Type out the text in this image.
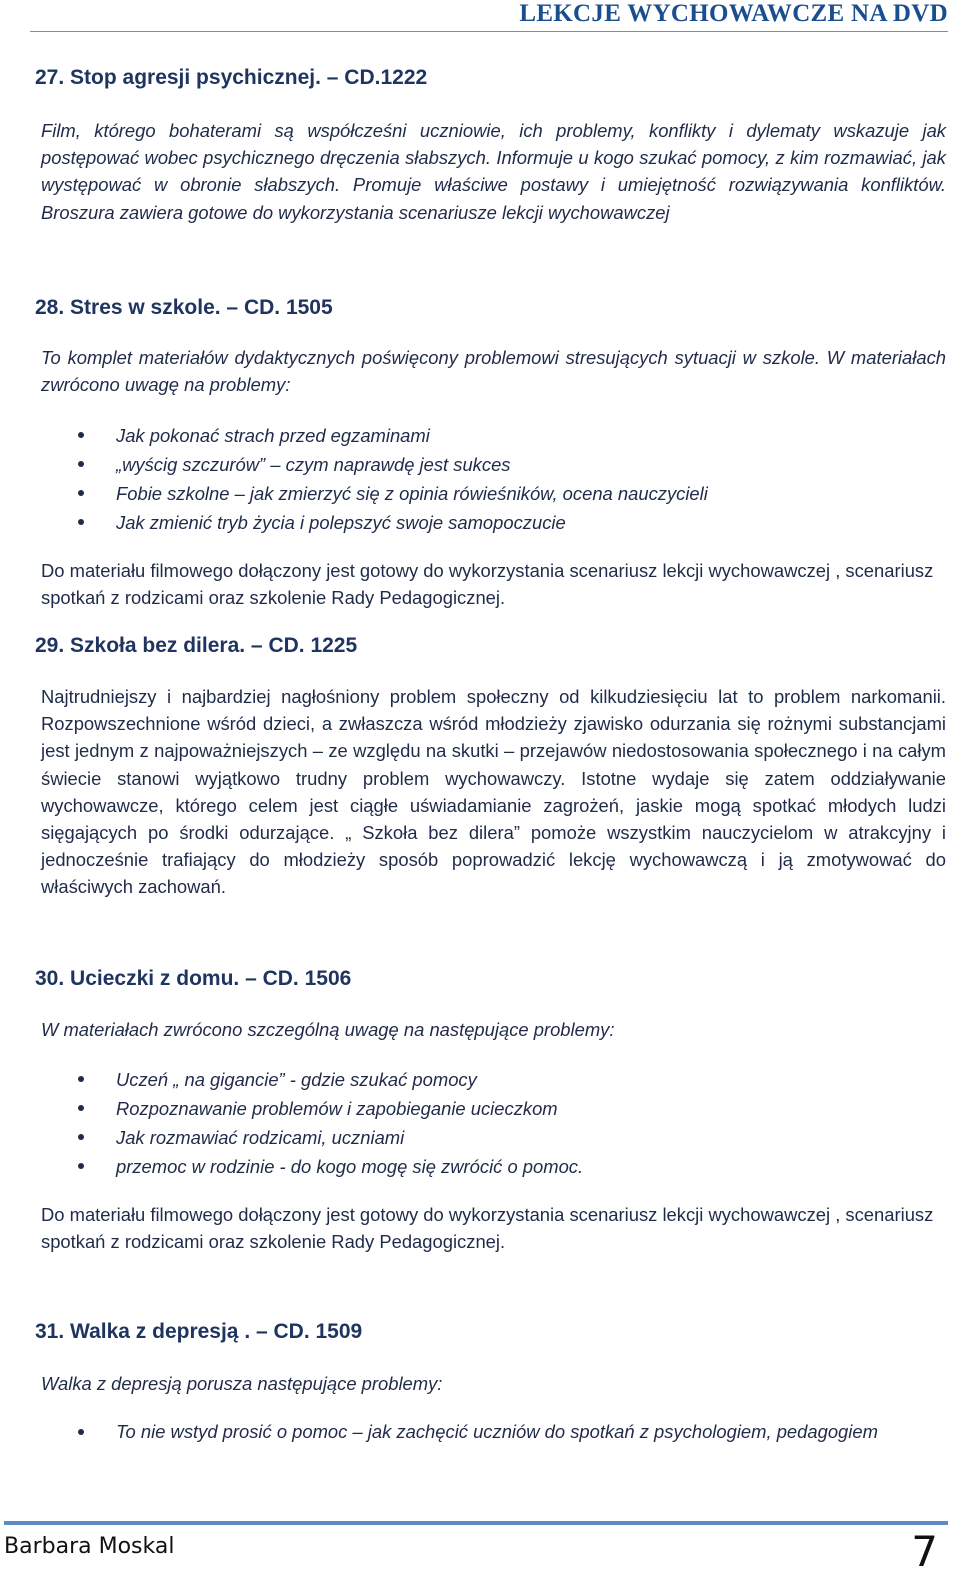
LEKCJE WYCHOWAWCZE NA DVD
27. Stop agresji psychicznej. – CD.1222
Film, którego bohaterami są współcześni uczniowie, ich problemy, konflikty i dylematy wskazuje jak postępować wobec psychicznego dręczenia słabszych. Informuje u kogo szukać pomocy, z kim rozmawiać, jak występować w obronie słabszych. Promuje właściwe postawy i umiejętność rozwiązywania konfliktów. Broszura zawiera gotowe do wykorzystania scenariusze lekcji wychowawczej
28. Stres w szkole. – CD. 1505
To komplet materiałów dydaktycznych poświęcony problemowi stresujących sytuacji w szkole. W materiałach zwrócono uwagę na problemy:
Jak pokonać strach przed egzaminami
„wyścig szczurów” – czym naprawdę jest sukces
Fobie szkolne – jak zmierzyć się z opinia rówieśników, ocena nauczycieli
Jak zmienić tryb życia i polepszyć swoje samopoczucie
Do materiału filmowego dołączony jest gotowy do wykorzystania scenariusz lekcji wychowawczej , scenariusz spotkań z rodzicami oraz szkolenie Rady Pedagogicznej.
29. Szkoła bez dilera. – CD. 1225
Najtrudniejszy i najbardziej nagłośniony problem społeczny od kilkudziesięciu lat to problem narkomanii. Rozpowszechnione wśród dzieci, a zwłaszcza wśród młodzieży zjawisko odurzania się rożnymi substancjami jest jednym z najpoważniejszych – ze względu na skutki – przejawów niedostosowania społecznego i na całym świecie stanowi wyjątkowo trudny problem wychowawczy. Istotne wydaje się zatem oddziaływanie wychowawcze, którego celem jest ciągłe uświadamianie zagrożeń, jaskie mogą spotkać młodych ludzi sięgających po środki odurzające. „ Szkoła bez dilera” pomoże wszystkim nauczycielom w atrakcyjny i jednocześnie trafiający do młodzieży sposób poprowadzić lekcję wychowawczą i ją zmotywować do właściwych zachowań.
30. Ucieczki z domu. – CD. 1506
W materiałach zwrócono szczególną uwagę na następujące problemy:
Uczeń „ na gigancie” - gdzie szukać pomocy
Rozpoznawanie problemów i zapobieganie ucieczkom
Jak rozmawiać rodzicami, uczniami
przemoc w rodzinie - do kogo mogę się zwrócić o pomoc.
Do materiału filmowego dołączony jest gotowy do wykorzystania scenariusz lekcji wychowawczej , scenariusz spotkań z rodzicami oraz szkolenie Rady Pedagogicznej.
31. Walka z depresją . – CD. 1509
Walka z depresją porusza następujące problemy:
To nie wstyd prosić o pomoc – jak zachęcić uczniów do spotkań z psychologiem, pedagogiem
Barbara Moskal	7
